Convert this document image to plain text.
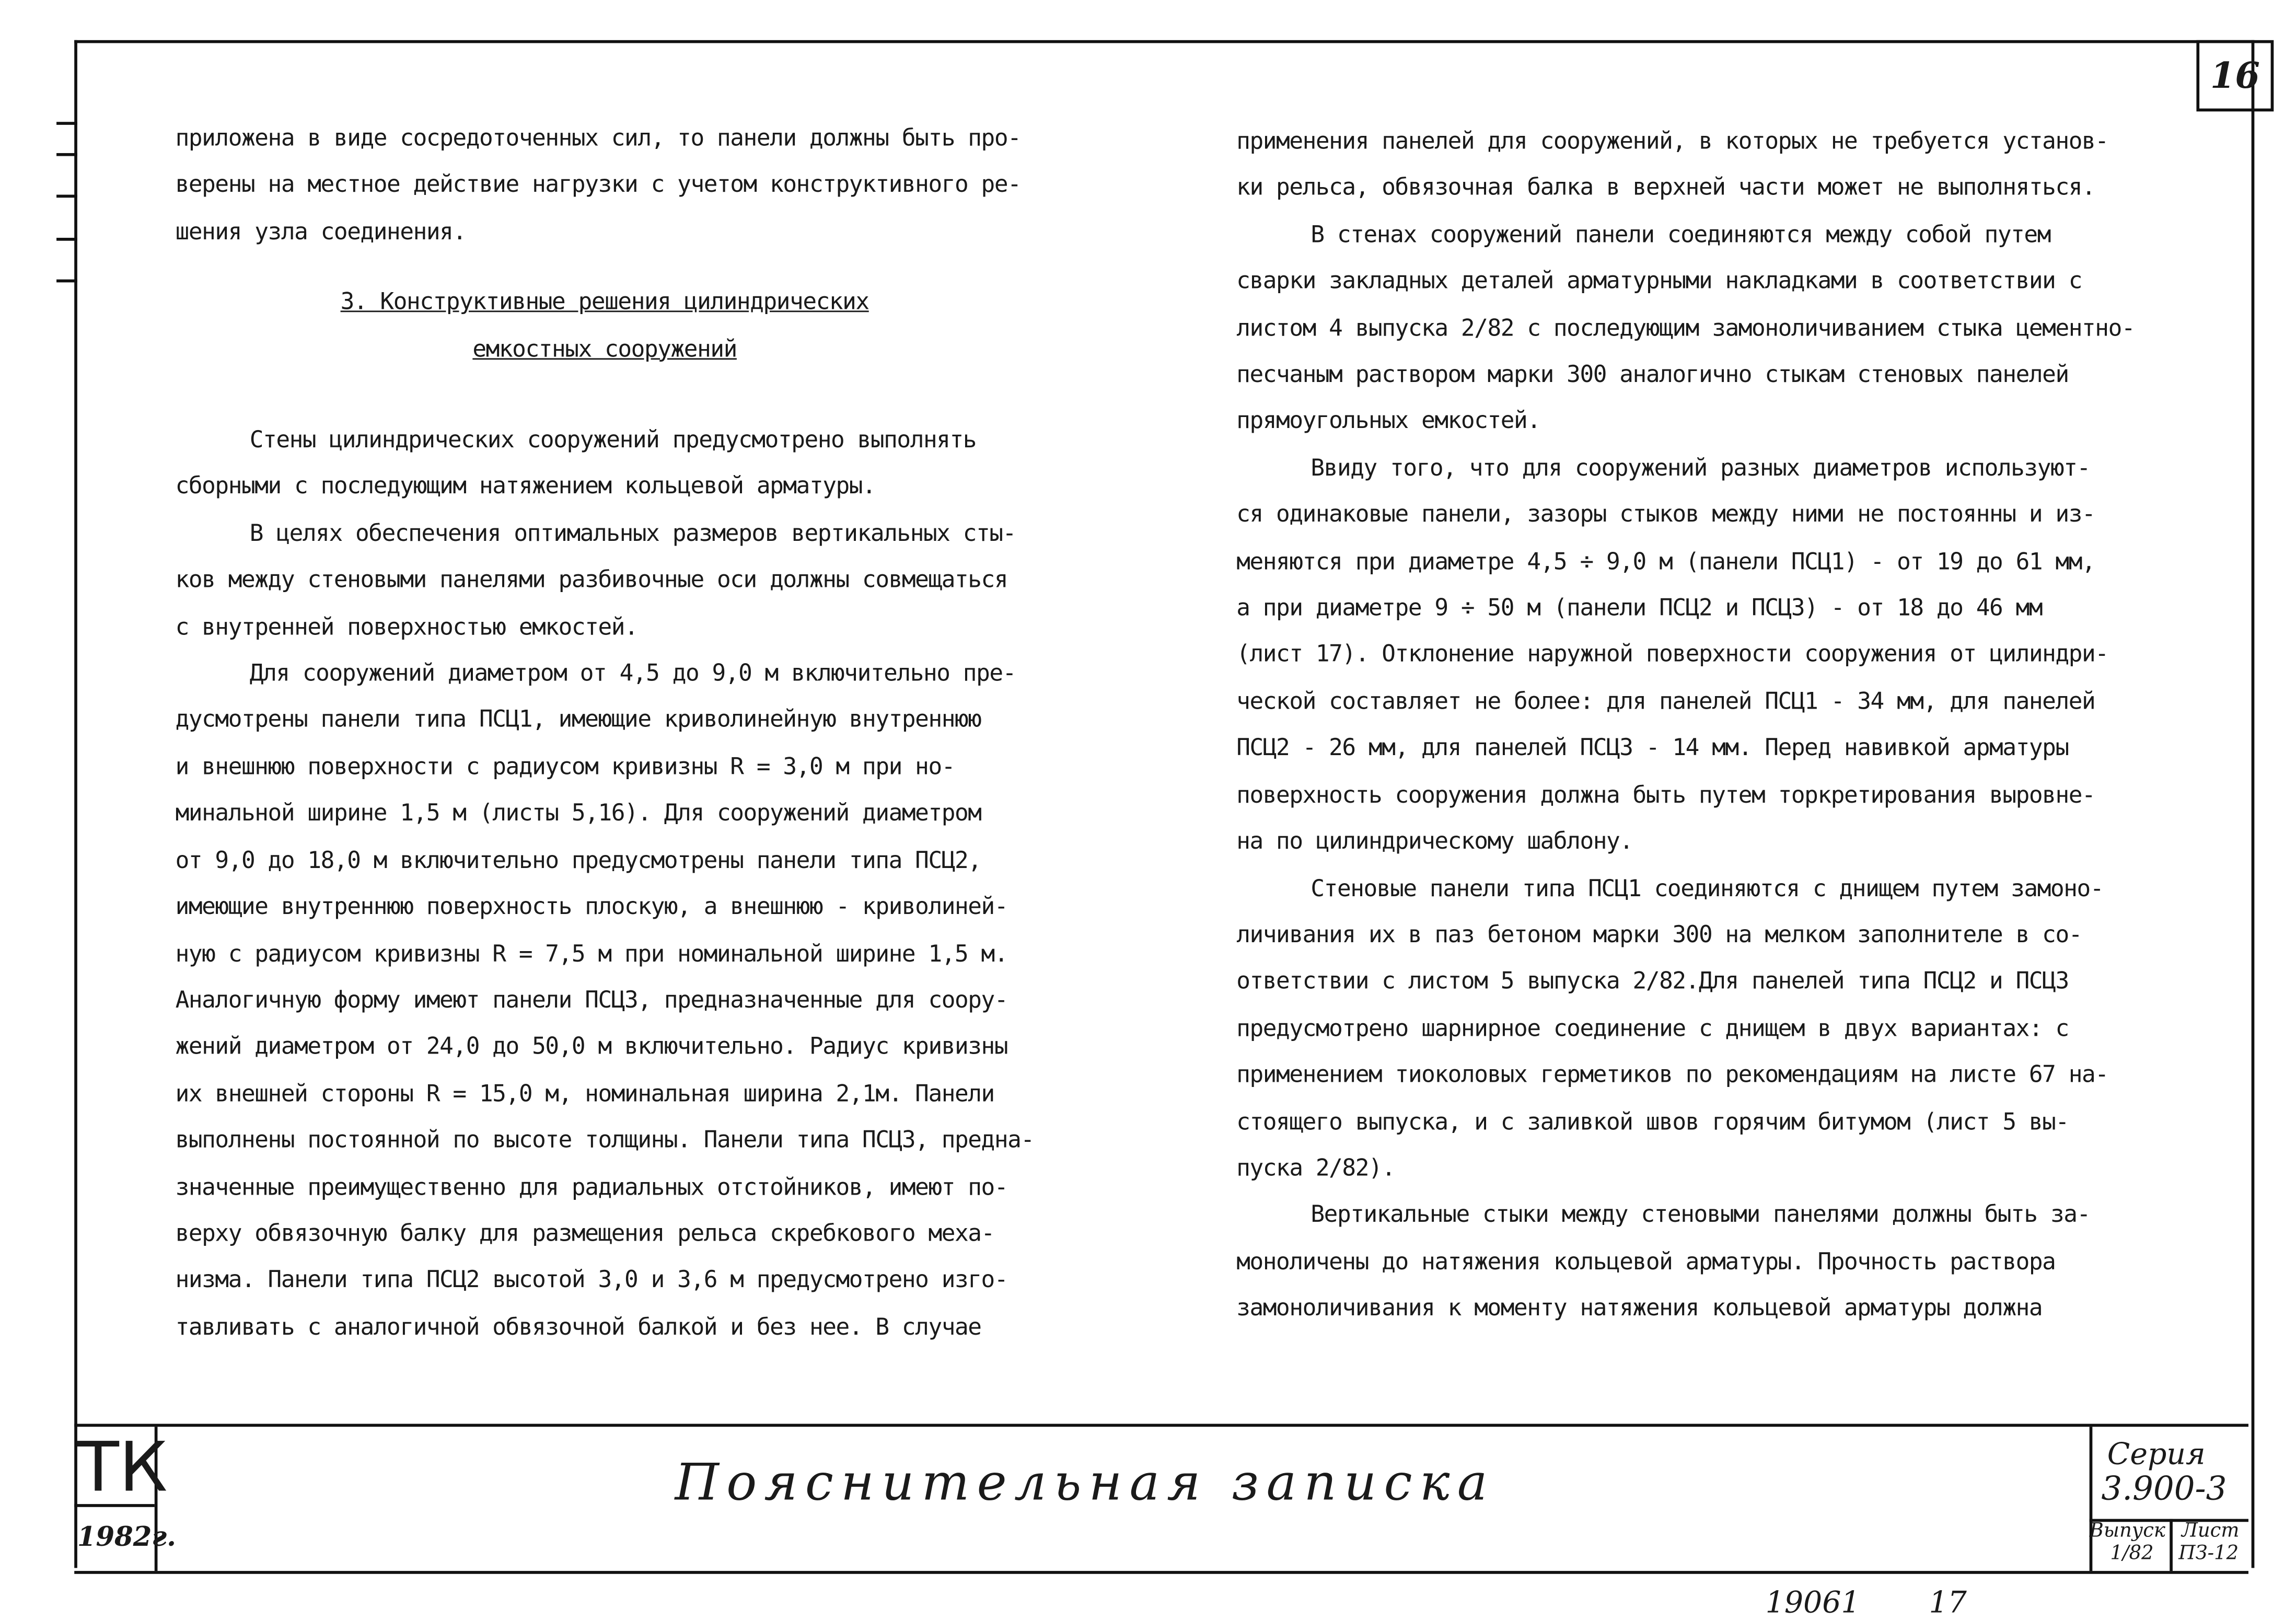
16

приложена в виде сосредоточенных сил, то панели должны быть про-

верены на местное действие нагрузки с учетом конструктивного ре-

шения узла соединения.

3. Конструктивные решения цилиндрических

емкостных сооружений

Стены цилиндрических сооружений предусмотрено выполнять

сборными с последующим натяжением кольцевой арматуры.

В целях обеспечения оптимальных размеров вертикальных сты-

ков между стеновыми панелями разбивочные оси должны совмещаться

с внутренней поверхностью емкостей.

Для сооружений диаметром от 4,5 до 9,0 м включительно пре-

дусмотрены панели типа ПСЦ1, имеющие криволинейную внутреннюю

и внешнюю поверхности с радиусом кривизны R = 3,0 м при но-

минальной ширине 1,5 м (листы 5,16). Для сооружений диаметром

от 9,0 до 18,0 м включительно предусмотрены панели типа ПСЦ2,

имеющие внутреннюю поверхность плоскую, а внешнюю - криволиней-

ную с радиусом кривизны R = 7,5 м при номинальной ширине 1,5 м.

Аналогичную форму имеют панели ПСЦ3, предназначенные для соору-

жений диаметром от 24,0 до 50,0 м включительно. Радиус кривизны

их внешней стороны R = 15,0 м, номинальная ширина 2,1м. Панели

выполнены постоянной по высоте толщины. Панели типа ПСЦ3, предна-

значенные преимущественно для радиальных отстойников, имеют по-

верху обвязочную балку для размещения рельса скребкового меха-

низма. Панели типа ПСЦ2 высотой 3,0 и 3,6 м предусмотрено изго-

тавливать с аналогичной обвязочной балкой и без нее. В случае

применения панелей для сооружений, в которых не требуется установ-

ки рельса, обвязочная балка в верхней части может не выполняться.

В стенах сооружений панели соединяются между собой путем

сварки закладных деталей арматурными накладками в соответствии с

листом 4 выпуска 2/82 с последующим замоноличиванием стыка цементно-

песчаным раствором марки 300 аналогично стыкам стеновых панелей

прямоугольных емкостей.

Ввиду того, что для сооружений разных диаметров используют-

ся одинаковые панели, зазоры стыков между ними не постоянны и из-

меняются при диаметре 4,5 ÷ 9,0 м (панели ПСЦ1) - от 19 до 61 мм,

а при диаметре 9 ÷ 50 м (панели ПСЦ2 и ПСЦ3) - от 18 до 46 мм

(лист 17). Отклонение наружной поверхности сооружения от цилиндри-

ческой составляет не более: для панелей ПСЦ1 - 34 мм, для панелей

ПСЦ2 - 26 мм, для панелей ПСЦ3 - 14 мм. Перед навивкой арматуры

поверхность сооружения должна быть путем торкретирования выровне-

на по цилиндрическому шаблону.

Стеновые панели типа ПСЦ1 соединяются с днищем путем замоно-

личивания их в паз бетоном марки 300 на мелком заполнителе в со-

ответствии с листом 5 выпуска 2/82.Для панелей типа ПСЦ2 и ПСЦ3

предусмотрено шарнирное соединение с днищем в двух вариантах: с

применением тиоколовых герметиков по рекомендациям на листе 67 на-

стоящего выпуска, и с заливкой швов горячим битумом (лист 5 вы-

пуска 2/82).

Вертикальные стыки между стеновыми панелями должны быть за-

моноличены до натяжения кольцевой арматуры. Прочность раствора

замоноличивания к моменту натяжения кольцевой арматуры должна

ТК
1982г.
Пояснительная записка	Серия
3.900-3
Выпуск
1/82
Лист
ПЗ-12
19061	17
